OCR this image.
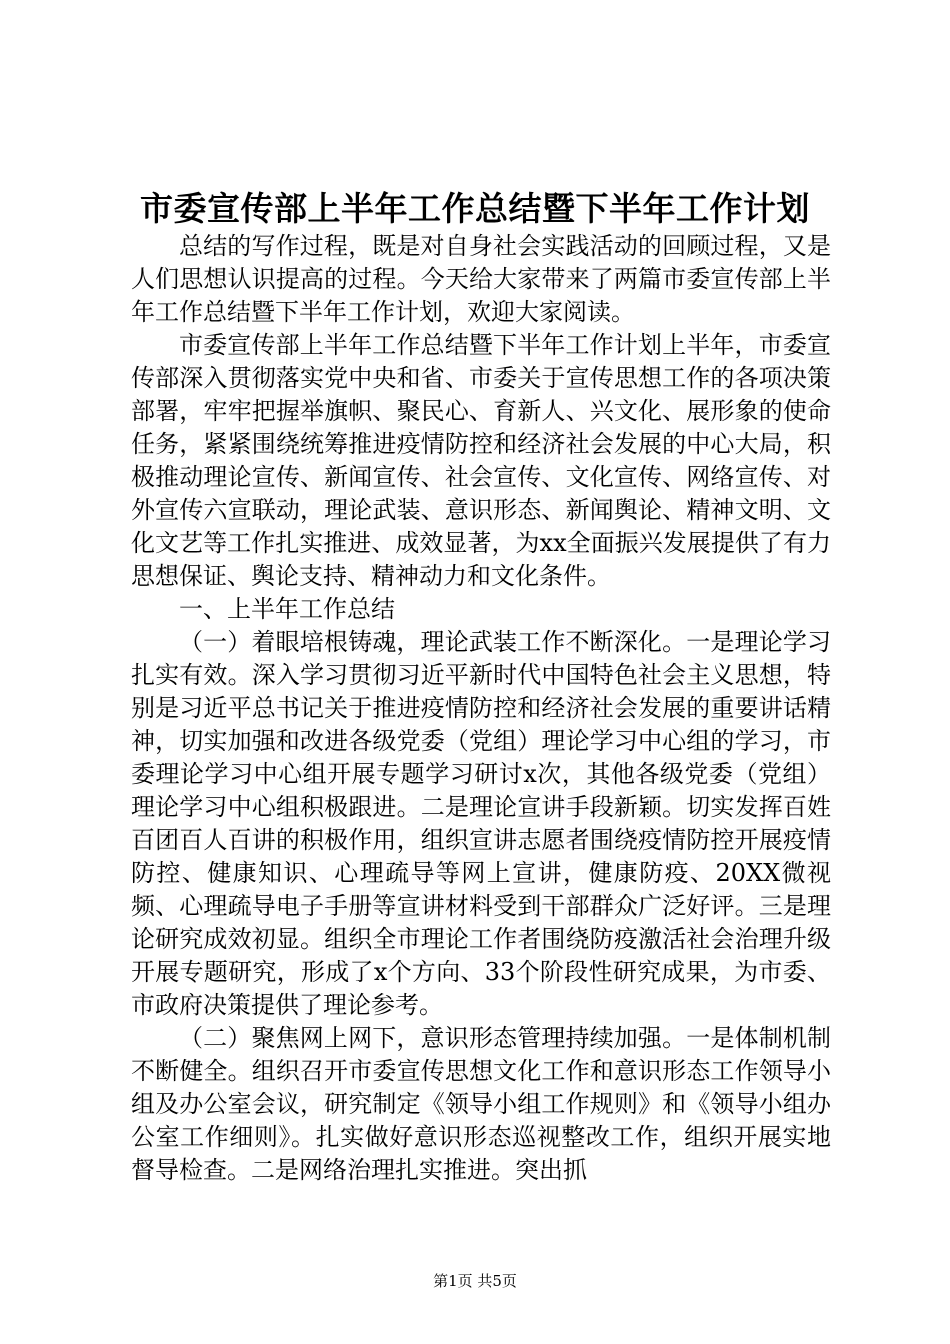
市委宣传部上半年工作总结暨下半年工作计划

总结的写作过程，既是对自身社会实践活动的回顾过程，又是人们思想认识提高的过程。今天给大家带来了两篇市委宣传部上半年工作总结暨下半年工作计划，欢迎大家阅读。

市委宣传部上半年工作总结暨下半年工作计划上半年，市委宣传部深入贯彻落实党中央和省、市委关于宣传思想工作的各项决策部署，牢牢把握举旗帜、聚民心、育新人、兴文化、展形象的使命任务，紧紧围绕统筹推进疫情防控和经济社会发展的中心大局，积极推动理论宣传、新闻宣传、社会宣传、文化宣传、网络宣传、对外宣传六宣联动，理论武装、意识形态、新闻舆论、精神文明、文化文艺等工作扎实推进、成效显著，为xx全面振兴发展提供了有力思想保证、舆论支持、精神动力和文化条件。

一、上半年工作总结

（一）着眼培根铸魂，理论武装工作不断深化。一是理论学习扎实有效。深入学习贯彻习近平新时代中国特色社会主义思想，特别是习近平总书记关于推进疫情防控和经济社会发展的重要讲话精神，切实加强和改进各级党委（党组）理论学习中心组的学习，市委理论学习中心组开展专题学习研讨x次，其他各级党委（党组）理论学习中心组积极跟进。二是理论宣讲手段新颖。切实发挥百姓百团百人百讲的积极作用，组织宣讲志愿者围绕疫情防控开展疫情防控、健康知识、心理疏导等网上宣讲，健康防疫、20XX微视频、心理疏导电子手册等宣讲材料受到干部群众广泛好评。三是理论研究成效初显。组织全市理论工作者围绕防疫激活社会治理升级开展专题研究，形成了x个方向、33个阶段性研究成果，为市委、市政府决策提供了理论参考。

（二）聚焦网上网下，意识形态管理持续加强。一是体制机制不断健全。组织召开市委宣传思想文化工作和意识形态工作领导小组及办公室会议，研究制定《领导小组工作规则》和《领导小组办公室工作细则》。扎实做好意识形态巡视整改工作，组织开展实地督导检查。二是网络治理扎实推进。突出抓

第1页 共5页
